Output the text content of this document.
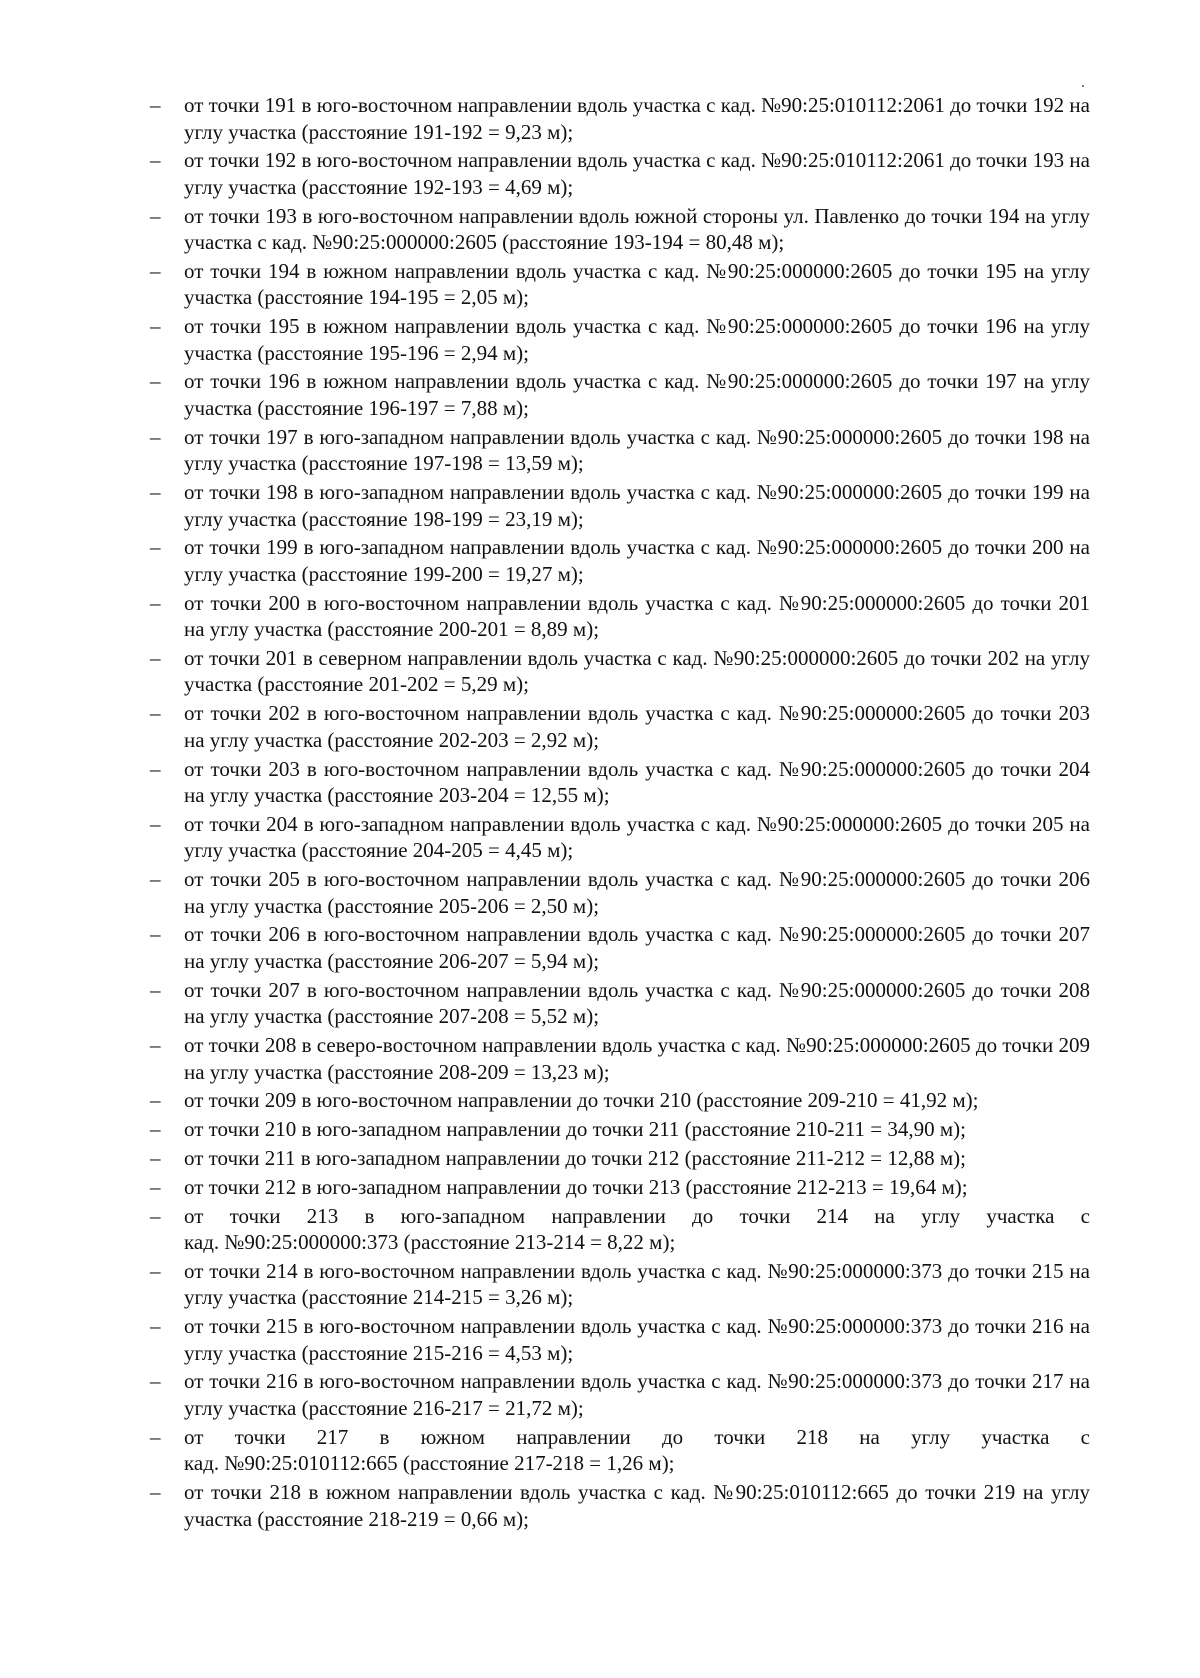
–	от точки 191 в юго-восточном направлении вдоль участка с кад. №90:25:010112:2061 до точки 192 на углу участка (расстояние 191-192 = 9,23 м);
–	от точки 192 в юго-восточном направлении вдоль участка с кад. №90:25:010112:2061 до точки 193 на углу участка (расстояние 192-193 = 4,69 м);
–	от точки 193 в юго-восточном направлении вдоль южной стороны ул. Павленко до точки 194 на углу участка с кад. №90:25:000000:2605 (расстояние 193-194 = 80,48 м);
–	от точки 194 в южном направлении вдоль участка с кад. №90:25:000000:2605 до точки 195 на углу участка (расстояние 194-195 = 2,05 м);
–	от точки 195 в южном направлении вдоль участка с кад. №90:25:000000:2605 до точки 196 на углу участка (расстояние 195-196 = 2,94 м);
–	от точки 196 в южном направлении вдоль участка с кад. №90:25:000000:2605 до точки 197 на углу участка (расстояние 196-197 = 7,88 м);
–	от точки 197 в юго-западном направлении вдоль участка с кад. №90:25:000000:2605 до точки 198 на углу участка (расстояние 197-198 = 13,59 м);
–	от точки 198 в юго-западном направлении вдоль участка с кад. №90:25:000000:2605 до точки 199 на углу участка (расстояние 198-199 = 23,19 м);
–	от точки 199 в юго-западном направлении вдоль участка с кад. №90:25:000000:2605 до точки 200 на углу участка (расстояние 199-200 = 19,27 м);
–	от точки 200 в юго-восточном направлении вдоль участка с кад. №90:25:000000:2605 до точки 201 на углу участка (расстояние 200-201 = 8,89 м);
–	от точки 201 в северном направлении вдоль участка с кад. №90:25:000000:2605 до точки 202 на углу участка (расстояние 201-202 = 5,29 м);
–	от точки 202 в юго-восточном направлении вдоль участка с кад. №90:25:000000:2605 до точки 203 на углу участка (расстояние 202-203 = 2,92 м);
–	от точки 203 в юго-восточном направлении вдоль участка с кад. №90:25:000000:2605 до точки 204 на углу участка (расстояние 203-204 = 12,55 м);
–	от точки 204 в юго-западном направлении вдоль участка с кад. №90:25:000000:2605 до точки 205 на углу участка (расстояние 204-205 = 4,45 м);
–	от точки 205 в юго-восточном направлении вдоль участка с кад. №90:25:000000:2605 до точки 206 на углу участка (расстояние 205-206 = 2,50 м);
–	от точки 206 в юго-восточном направлении вдоль участка с кад. №90:25:000000:2605 до точки 207 на углу участка (расстояние 206-207 = 5,94 м);
–	от точки 207 в юго-восточном направлении вдоль участка с кад. №90:25:000000:2605 до точки 208 на углу участка (расстояние 207-208 = 5,52 м);
–	от точки 208 в северо-восточном направлении вдоль участка с кад. №90:25:000000:2605 до точки 209 на углу участка (расстояние 208-209 = 13,23 м);
–	от точки 209 в юго-восточном направлении до точки 210 (расстояние 209-210 = 41,92 м);
–	от точки 210 в юго-западном направлении до точки 211 (расстояние 210-211 = 34,90 м);
–	от точки 211 в юго-западном направлении до точки 212 (расстояние 211-212 = 12,88 м);
–	от точки 212 в юго-западном направлении до точки 213 (расстояние 212-213 = 19,64 м);
–	от точки 213 в юго-западном направлении до точки 214 на углу участка с
кад. №90:25:000000:373 (расстояние 213-214 = 8,22 м);
–	от точки 214 в юго-восточном направлении вдоль участка с кад. №90:25:000000:373 до точки 215 на углу участка (расстояние 214-215 = 3,26 м);
–	от точки 215 в юго-восточном направлении вдоль участка с кад. №90:25:000000:373 до точки 216 на углу участка (расстояние 215-216 = 4,53 м);
–	от точки 216 в юго-восточном направлении вдоль участка с кад. №90:25:000000:373 до точки 217 на углу участка (расстояние 216-217 = 21,72 м);
–	от точки 217 в южном направлении до точки 218 на углу участка с
кад. №90:25:010112:665 (расстояние 217-218 = 1,26 м);
–	от точки 218 в южном направлении вдоль участка с кад. №90:25:010112:665 до точки 219 на углу участка (расстояние 218-219 = 0,66 м);
